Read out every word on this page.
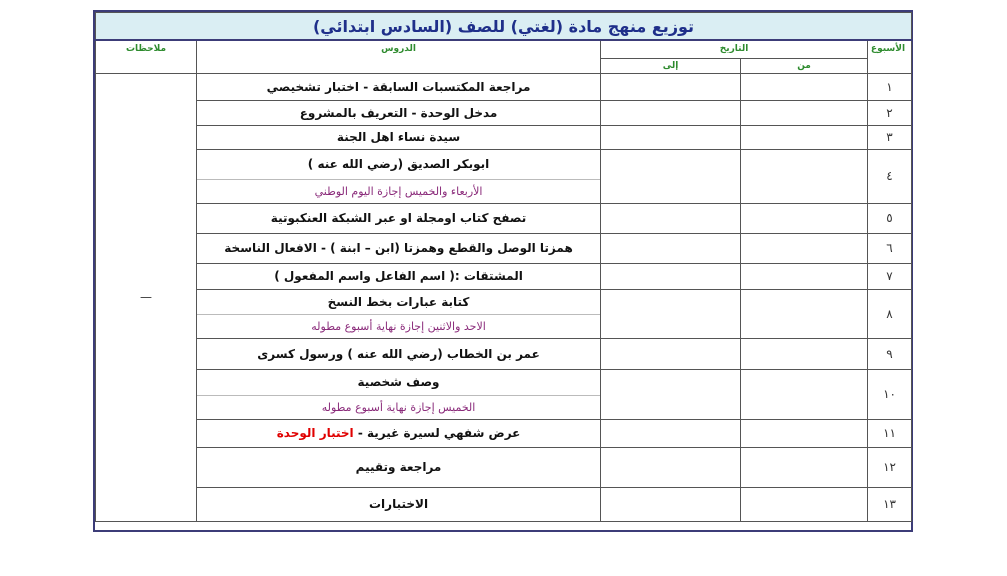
توزيع منهج مادة (لغتي) للصف (السادس ابتدائي)				
الأسبوع	التاريخ		الدروس	ملاحظات
	من	إلى		
١			مراجعة المكتسبات السابقة - اختبار تشخيصي	—
٢			مدخل الوحدة - التعريف بالمشروع	
٣			سيدة نساء اهل الجنة	
٤			ابوبكر الصديق (رضي الله عنه )	
			الأربعاء والخميس إجازة اليوم الوطني	
٥			تصفح كتاب اومجلة او عبر الشبكة العنكبوتية	
٦			همزتا الوصل والقطع وهمزتا (ابن – ابنة ) - الافعال الناسخة	
٧			المشتقات :( اسم الفاعل واسم المفعول )	
٨			كتابة عبارات بخط النسخ	
			الاحد والاثنين إجازة نهاية أسبوع مطوله	
٩			عمر بن الخطاب (رضي الله عنه ) ورسول كسرى	
١٠			وصف شخصية	
			الخميس إجازة نهاية أسبوع مطوله	
١١			عرض شفهي لسيرة غيرية - اختبار الوحدة	
١٢			مراجعة وتقييم	
١٣			الاختبارات	
